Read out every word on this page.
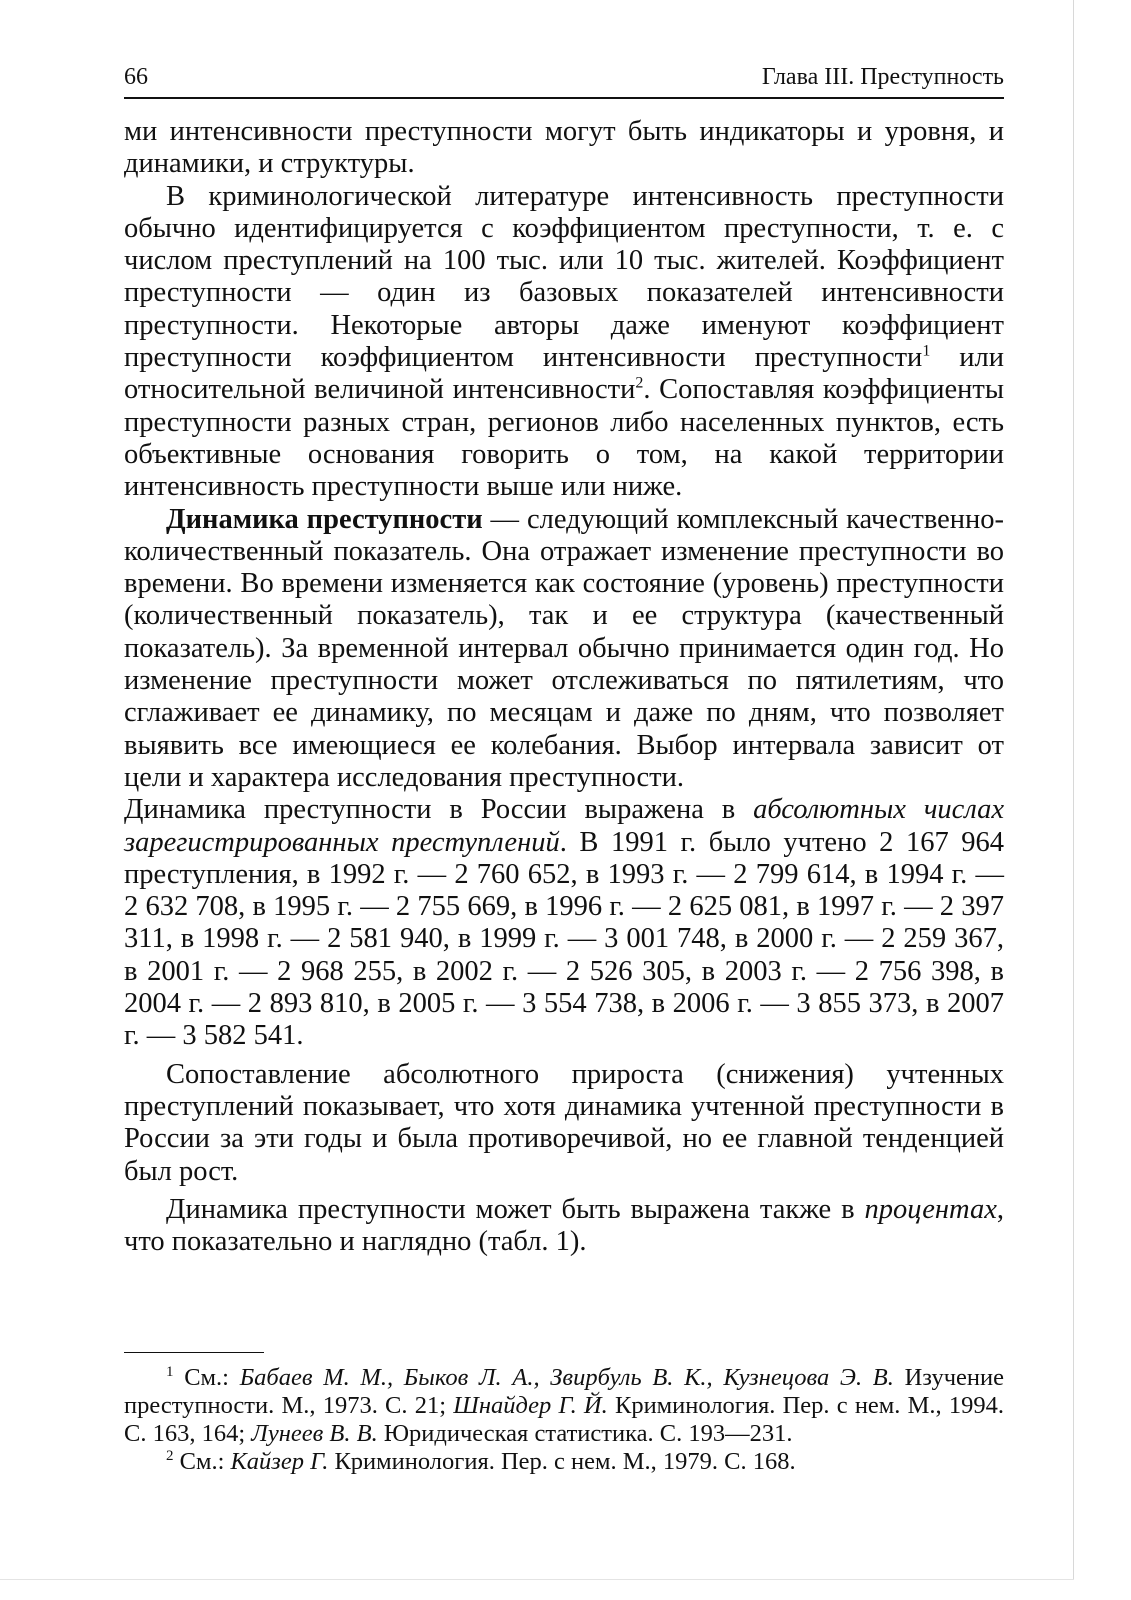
66	Глава III. Преступность

ми интенсивности преступности могут быть индикаторы и уровня, и динамики, и структуры.

В криминологической литературе интенсивность преступности обычно идентифицируется с коэффициентом преступности, т. е. с числом преступлений на 100 тыс. или 10 тыс. жителей. Коэффициент преступности — один из базовых показателей интенсивности преступности. Некоторые авторы даже именуют коэффициент преступности коэффициентом интенсивности преступности$^1$ или относительной величиной интенсивности$^2$. Сопоставляя коэффициенты преступности разных стран, регионов либо населенных пунктов, есть объективные основания говорить о том, на какой территории интенсивность преступности выше или ниже.

Динамика преступности — следующий комплексный качественно-количественный показатель. Она отражает изменение преступности во времени. Во времени изменяется как состояние (уровень) преступности (количественный показатель), так и ее структура (качественный показатель). За временной интервал обычно принимается один год. Но изменение преступности может отслеживаться по пятилетиям, что сглаживает ее динамику, по месяцам и даже по дням, что позволяет выявить все имеющиеся ее колебания. Выбор интервала зависит от цели и характера исследования преступности.

Динамика преступности в России выражена в абсолютных числах зарегистрированных преступлений. В 1991 г. было учтено 2 167 964 преступления, в 1992 г. — 2 760 652, в 1993 г. — 2 799 614, в 1994 г. — 2 632 708, в 1995 г. — 2 755 669, в 1996 г. — 2 625 081, в 1997 г. — 2 397 311, в 1998 г. — 2 581 940, в 1999 г. — 3 001 748, в 2000 г. — 2 259 367, в 2001 г. — 2 968 255, в 2002 г. — 2 526 305, в 2003 г. — 2 756 398, в 2004 г. — 2 893 810, в 2005 г. — 3 554 738, в 2006 г. — 3 855 373, в 2007 г. — 3 582 541.

Сопоставление абсолютного прироста (снижения) учтенных преступлений показывает, что хотя динамика учтенной преступности в России за эти годы и была противоречивой, но ее главной тенденцией был рост.

Динамика преступности может быть выражена также в процентах, что показательно и наглядно (табл. 1).

$^1$ См.: Бабаев М. М., Быков Л. А., Звирбуль В. К., Кузнецова Э. В. Изучение преступности. М., 1973. С. 21; Шнайдер Г. Й. Криминология. Пер. с нем. М., 1994. С. 163, 164; Лунеев В. В. Юридическая статистика. С. 193—231.

$^2$ См.: Кайзер Г. Криминология. Пер. с нем. М., 1979. С. 168.
